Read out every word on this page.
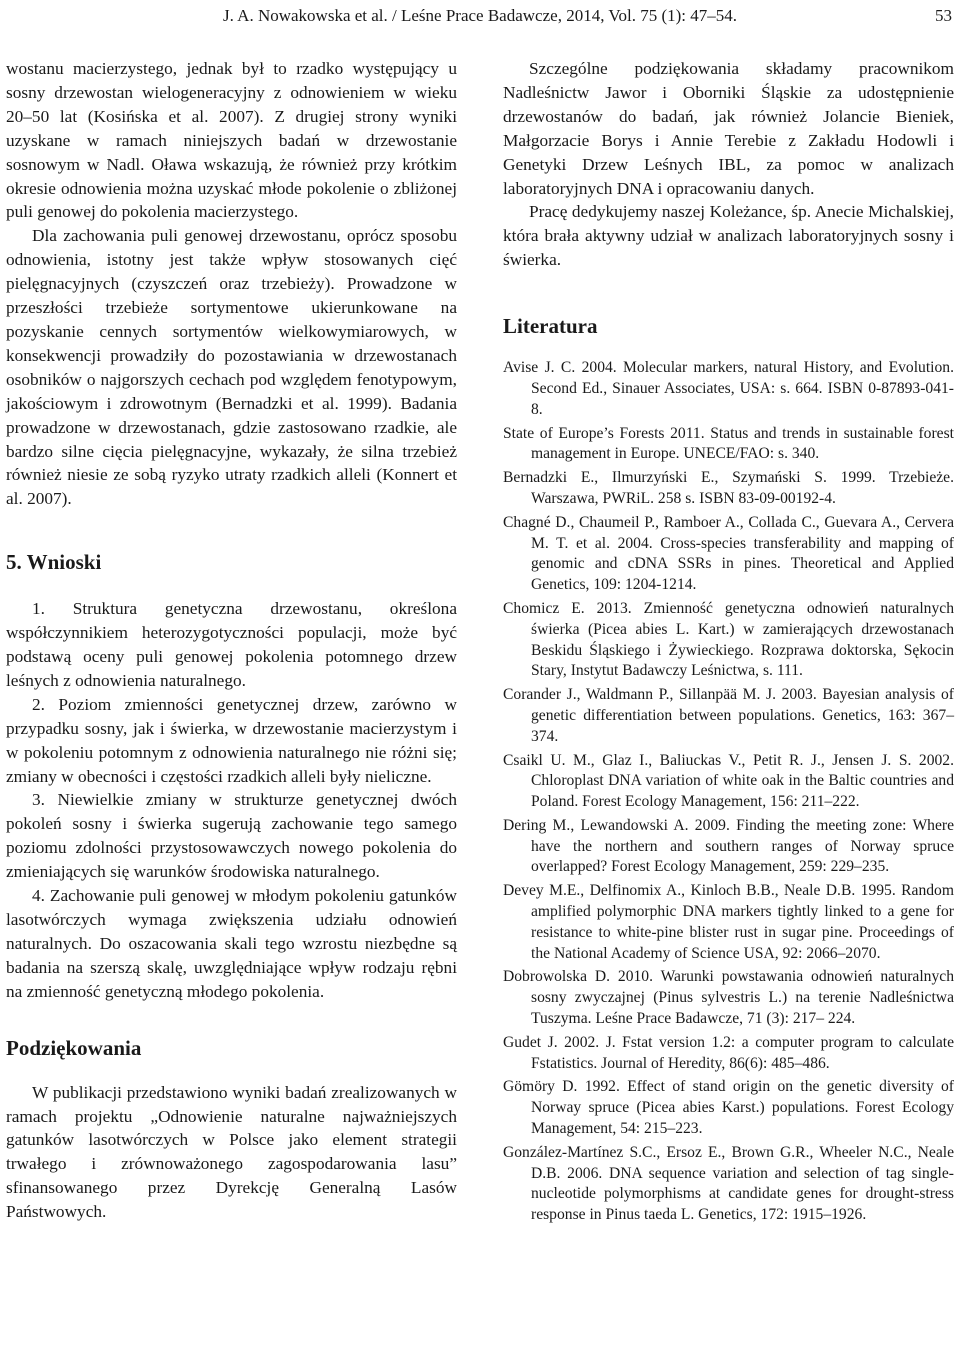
J. A. Nowakowska et al. / Leśne Prace Badawcze, 2014, Vol. 75 (1): 47–54.	53

wostanu macierzystego, jednak był to rzadko występujący u sosny drzewostan wielogeneracyjny z odnowieniem w wieku 20–50 lat (Kosińska et al. 2007). Z drugiej strony wyniki uzyskane w ramach niniejszych badań w drzewostanie sosnowym w Nadl. Oława wskazują, że również przy krótkim okresie odnowienia można uzyskać młode pokolenie o zbliżonej puli genowej do pokolenia macierzystego.

Dla zachowania puli genowej drzewostanu, oprócz sposobu odnowienia, istotny jest także wpływ stosowanych cięć pielęgnacyjnych (czyszczeń oraz trzebieży). Prowadzone w przeszłości trzebieże sortymentowe ukierunkowane na pozyskanie cennych sortymentów wielkowymiarowych, w konsekwencji prowadziły do pozostawiania w drzewostanach osobników o najgorszych cechach pod względem fenotypowym, jakościowym i zdrowotnym (Bernadzki et al. 1999). Badania prowadzone w drzewostanach, gdzie zastosowano rzadkie, ale bardzo silne cięcia pielęgnacyjne, wykazały, że silna trzebież również niesie ze sobą ryzyko utraty rzadkich alleli (Konnert et al. 2007).

5. Wnioski

1. Struktura genetyczna drzewostanu, określona współczynnikiem heterozygotyczności populacji, może być podstawą oceny puli genowej pokolenia potomnego drzew leśnych z odnowienia naturalnego.

2. Poziom zmienności genetycznej drzew, zarówno w przypadku sosny, jak i świerka, w drzewostanie macierzystym i w pokoleniu potomnym z odnowienia naturalnego nie różni się; zmiany w obecności i częstości rzadkich alleli były nieliczne.

3. Niewielkie zmiany w strukturze genetycznej dwóch pokoleń sosny i świerka sugerują zachowanie tego samego poziomu zdolności przystosowawczych nowego pokolenia do zmieniających się warunków środowiska naturalnego.

4. Zachowanie puli genowej w młodym pokoleniu gatunków lasotwórczych wymaga zwiększenia udziału odnowień naturalnych. Do oszacowania skali tego wzrostu niezbędne są badania na szerszą skalę, uwzględniające wpływ rodzaju rębni na zmienność genetyczną młodego pokolenia.

Podziękowania

W publikacji przedstawiono wyniki badań zrealizowanych w ramach projektu „Odnowienie naturalne najważniejszych gatunków lasotwórczych w Polsce jako element strategii trwałego i zrównoważonego zagospodarowania lasu” sfinansowanego przez Dyrekcję Generalną Lasów Państwowych.

Szczególne podziękowania składamy pracownikom Nadleśnictw Jawor i Oborniki Śląskie za udostępnienie drzewostanów do badań, jak również Jolancie Bieniek, Małgorzacie Borys i Annie Terebie z Zakładu Hodowli i Genetyki Drzew Leśnych IBL, za pomoc w analizach laboratoryjnych DNA i opracowaniu danych.

Pracę dedykujemy naszej Koleżance, śp. Anecie Michalskiej, która brała aktywny udział w analizach laboratoryjnych sosny i świerka.

Literatura
Avise J. C. 2004. Molecular markers, natural History, and Evolution. Second Ed., Sinauer Associates, USA: s. 664. ISBN 0-87893-041-8.
State of Europe’s Forests 2011. Status and trends in sustainable forest management in Europe. UNECE/FAO: s. 340.
Bernadzki E., Ilmurzyński E., Szymański S. 1999. Trzebieże. Warszawa, PWRiL. 258 s. ISBN 83-09-00192-4.
Chagné D., Chaumeil P., Ramboer A., Collada C., Guevara A., Cervera M. T. et al. 2004. Cross-species transferability and mapping of genomic and cDNA SSRs in pines. Theoretical and Applied Genetics, 109: 1204-1214.
Chomicz E. 2013. Zmienność genetyczna odnowień naturalnych świerka (Picea abies L. Kart.) w zamierających drzewostanach Beskidu Śląskiego i Żywieckiego. Rozprawa doktorska, Sękocin Stary, Instytut Badawczy Leśnictwa, s. 111.
Corander J., Waldmann P., Sillanpää M. J. 2003. Bayesian analysis of genetic differentiation between populations. Genetics, 163: 367–374.
Csaikl U. M., Glaz I., Baliuckas V., Petit R. J., Jensen J. S. 2002. Chloroplast DNA variation of white oak in the Baltic countries and Poland. Forest Ecology Management, 156: 211–222.
Dering M., Lewandowski A. 2009. Finding the meeting zone: Where have the northern and southern ranges of Norway spruce overlapped? Forest Ecology Management, 259: 229–235.
Devey M.E., Delfinomix A., Kinloch B.B., Neale D.B. 1995. Random amplified polymorphic DNA markers tightly linked to a gene for resistance to white-pine blister rust in sugar pine. Proceedings of the National Academy of Science USA, 92: 2066–2070.
Dobrowolska D. 2010. Warunki powstawania odnowień naturalnych sosny zwyczajnej (Pinus sylvestris L.) na terenie Nadleśnictwa Tuszyma. Leśne Prace Badawcze, 71 (3): 217– 224.
Gudet J. 2002. J. Fstat version 1.2: a computer program to calculate Fstatistics. Journal of Heredity, 86(6): 485–486.
Gömöry D. 1992. Effect of stand origin on the genetic diversity of Norway spruce (Picea abies Karst.) populations. Forest Ecology Management, 54: 215–223.
González-Martínez S.C., Ersoz E., Brown G.R., Wheeler N.C., Neale D.B. 2006. DNA sequence variation and selection of tag single-nucleotide polymorphisms at candidate genes for drought-stress response in Pinus taeda L. Genetics, 172: 1915–1926.
